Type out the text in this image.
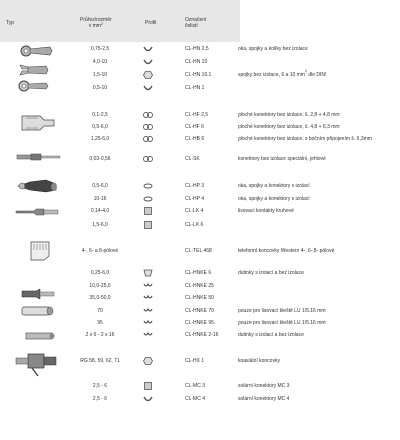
Typ	Průřez/rozměr
v $mm^2$	Profil	Označení
čelistí
0,75-2,5	CL-HN 2,5	oka, spojky a kolíky bez izolace
4,0-10	CL-HN 10
1,5-10	CL-HN 10.1	spojky bez izolace, 6 a 10 $mm^2$ dle DIN!
0,5-10	CL-HN 1
0,1-2,5	CL-HF 2,5	ploché konektory bez izolace, š. 2,8 + 4,8 mm
0,5-6,0	CL-HF 6	ploché konektory bez izolace, š. 4,8 + 6,3 mm
1,25-6,0	CL-HB 6	ploché konektory bez izolace, s bočním připojením š. 6,3mm
0,03-0,56	CL-SK	konektory bez izolace speciální, jehlové
0,5-6,0	CL-HP 3	oka, spojky a konektory s izolací
10-16	CL-HP 4	oka, spojky a konektory s izolací
0,14-4,0	CL-LK 4	lisovací kontakty kruhové
1,5-6,0	CL-LK 6
4-, 6- a 8-pólové	CL-TEL 468	telefonní koncovky Western 4-, 6-,8- pólové
0,25-6,0	CL-HNKE 6	dutinky s izolací a bez izolace
10,0-25,0	CL-HNKE 25
35,0-50,0	CL-HNKE 50
70	CL-HNKE 70	pouze pro lisovací kleště LU 1/5.16 mm
95	CL-HNKE 95	pouze pro lisovací kleště LU 1/5.16 mm
2 x 6 - 2 x 16	CL-HNKE 2-16	dutinky s izolací a bez izolace
RG 58, 59, 62, 71	CL-HX 1	koaxiální koncovky
2,5 - 6	CL-MC 3	solární konektory MC 3
2,5 - 6	CL-MC 4	solární konektory MC 4
